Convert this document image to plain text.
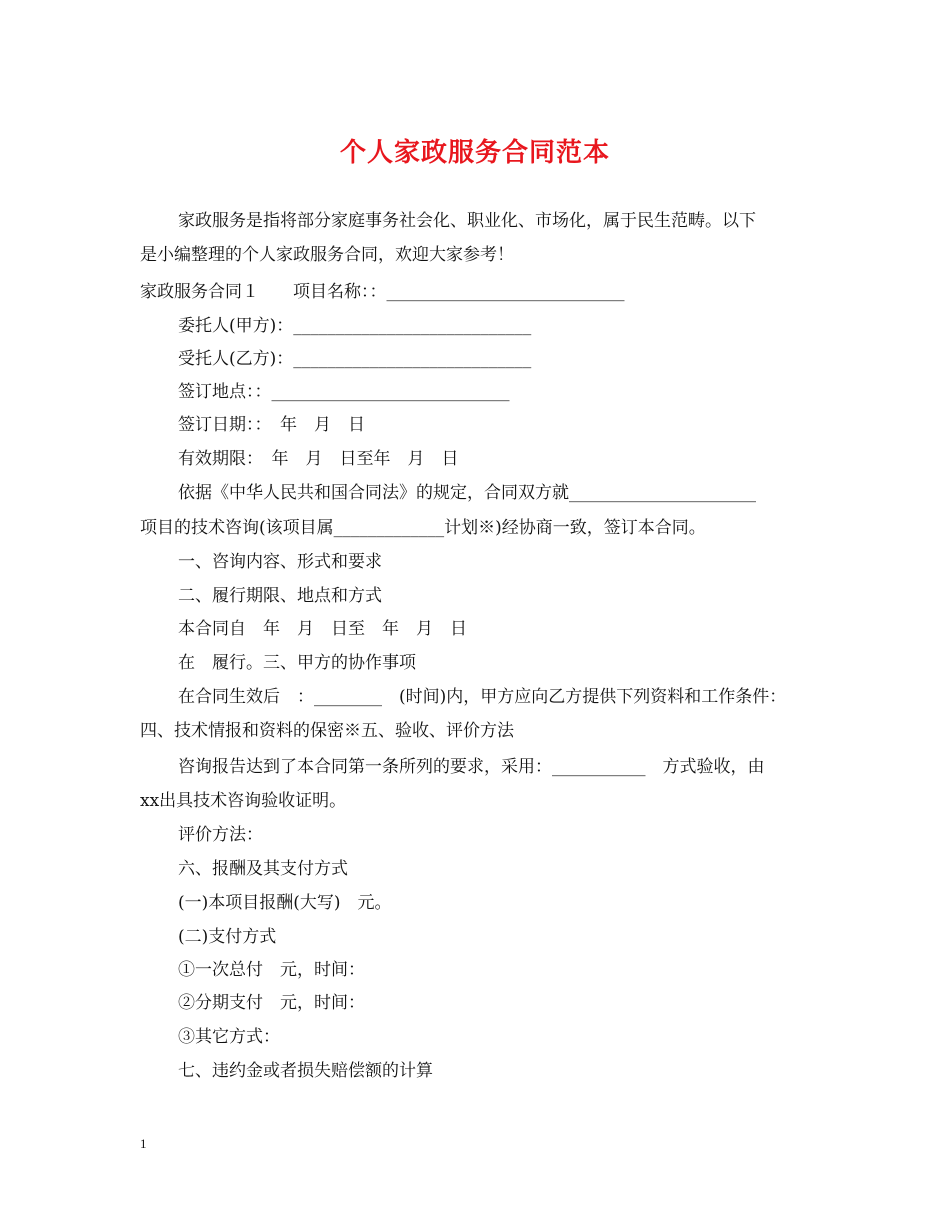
个人家政服务合同范本
家政服务是指将部分家庭事务社会化、职业化、市场化，属于民生范畴。以下
是小编整理的个人家政服务合同，欢迎大家参考！
家政服务合同１　　项目名称：：____________________________
委托人(甲方)：____________________________
受托人(乙方)：____________________________
签订地点：：____________________________
签订日期：：　年　月　日
有效期限：　年　月　日至年　月　日
依据《中华人民共和国合同法》的规定，合同双方就______________________
项目的技术咨询(该项目属_____________计划※)经协商一致，签订本合同。
一、咨询内容、形式和要求
二、履行期限、地点和方式
本合同自　年　月　日至　年　月　日
在　履行。三、甲方的协作事项
在合同生效后　：________　(时间)内，甲方应向乙方提供下列资料和工作条件：
四、技术情报和资料的保密※五、验收、评价方法
咨询报告达到了本合同第一条所列的要求，采用：___________　方式验收，由
xx出具技术咨询验收证明。
评价方法：
六、报酬及其支付方式
(一)本项目报酬(大写)　元。
(二)支付方式
①一次总付　元，时间：
②分期支付　元，时间：
③其它方式：
七、违约金或者损失赔偿额的计算
1
